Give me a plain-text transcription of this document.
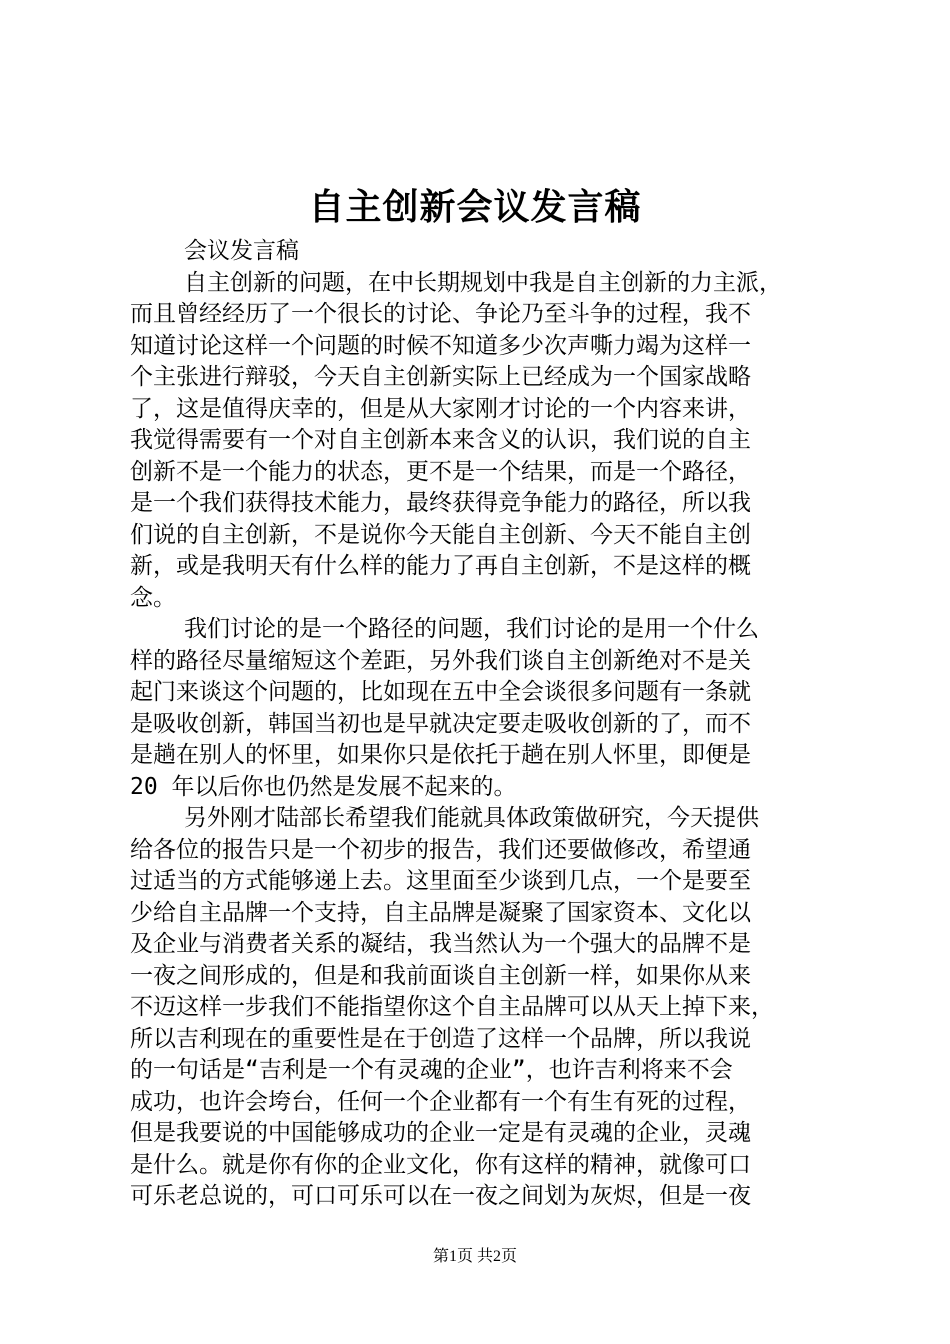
自主创新会议发言稿
会议发言稿
自主创新的问题，在中长期规划中我是自主创新的力主派，
而且曾经经历了一个很长的讨论、争论乃至斗争的过程，我不
知道讨论这样一个问题的时候不知道多少次声嘶力竭为这样一
个主张进行辩驳，今天自主创新实际上已经成为一个国家战略
了，这是值得庆幸的，但是从大家刚才讨论的一个内容来讲，
我觉得需要有一个对自主创新本来含义的认识，我们说的自主
创新不是一个能力的状态，更不是一个结果，而是一个路径，
是一个我们获得技术能力，最终获得竞争能力的路径，所以我
们说的自主创新，不是说你今天能自主创新、今天不能自主创
新，或是我明天有什么样的能力了再自主创新，不是这样的概
念。
我们讨论的是一个路径的问题，我们讨论的是用一个什么
样的路径尽量缩短这个差距，另外我们谈自主创新绝对不是关
起门来谈这个问题的，比如现在五中全会谈很多问题有一条就
是吸收创新，韩国当初也是早就决定要走吸收创新的了，而不
是趟在别人的怀里，如果你只是依托于趟在别人怀里，即便是
20 年以后你也仍然是发展不起来的。
另外刚才陆部长希望我们能就具体政策做研究，今天提供
给各位的报告只是一个初步的报告，我们还要做修改，希望通
过适当的方式能够递上去。这里面至少谈到几点，一个是要至
少给自主品牌一个支持，自主品牌是凝聚了国家资本、文化以
及企业与消费者关系的凝结，我当然认为一个强大的品牌不是
一夜之间形成的，但是和我前面谈自主创新一样，如果你从来
不迈这样一步我们不能指望你这个自主品牌可以从天上掉下来，
所以吉利现在的重要性是在于创造了这样一个品牌，所以我说
的一句话是“吉利是一个有灵魂的企业”，也许吉利将来不会
成功，也许会垮台，任何一个企业都有一个有生有死的过程，
但是我要说的中国能够成功的企业一定是有灵魂的企业，灵魂
是什么。就是你有你的企业文化，你有这样的精神，就像可口
可乐老总说的，可口可乐可以在一夜之间划为灰烬，但是一夜
第1页 共2页
